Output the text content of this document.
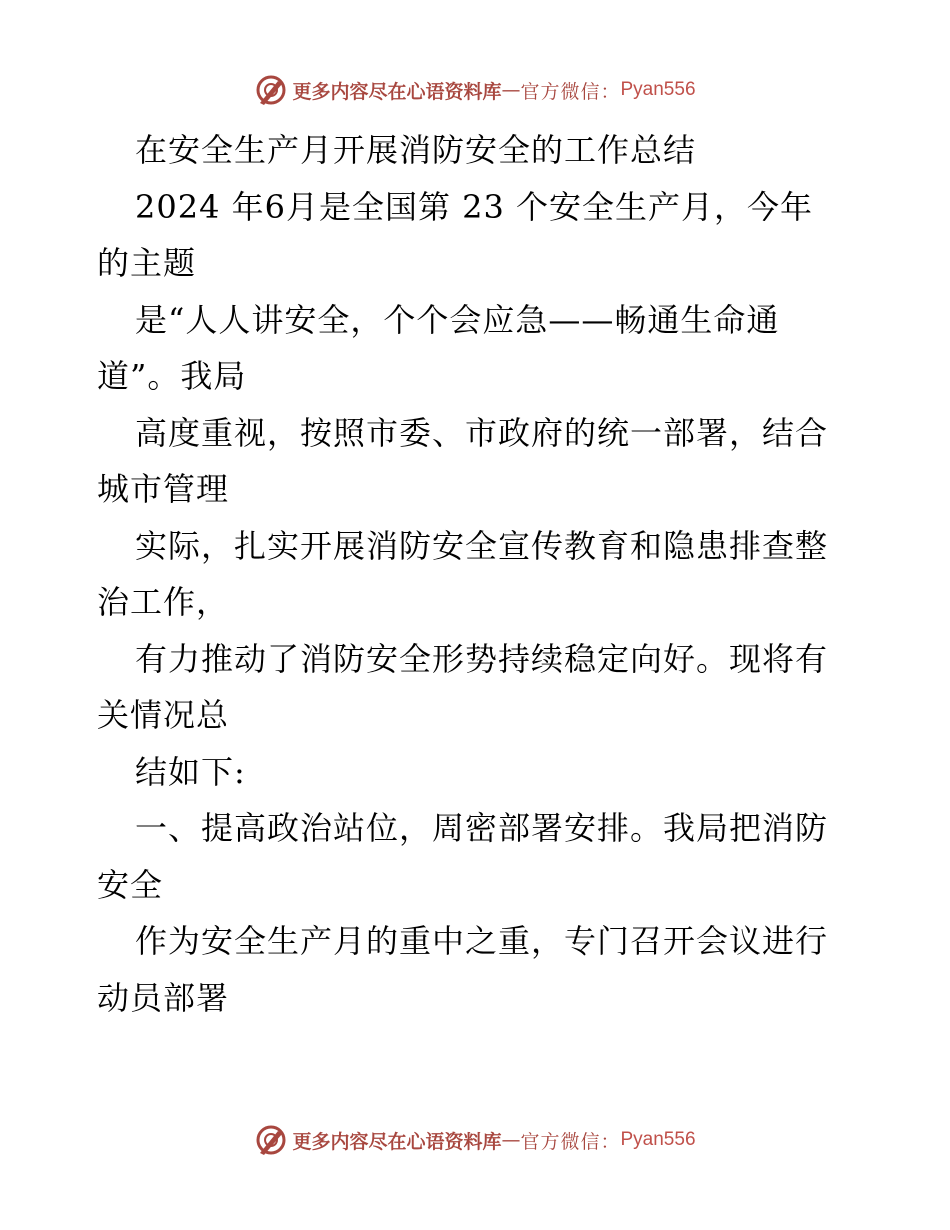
更多内容尽在心语资料库 — 官方微信： Pyan556
在安全生产月开展消防安全的工作总结
2024 年6月是全国第 23 个安全生产月，今年
的主题
是“人人讲安全，个个会应急——畅通生命通
道”。我局
高度重视，按照市委、市政府的统一部署，结合
城市管理
实际，扎实开展消防安全宣传教育和隐患排查整
治工作，
有力推动了消防安全形势持续稳定向好。现将有
关情况总
结如下:
一、提高政治站位，周密部署安排。我局把消防
安全
作为安全生产月的重中之重，专门召开会议进行
动员部署
更多内容尽在心语资料库 — 官方微信： Pyan556
